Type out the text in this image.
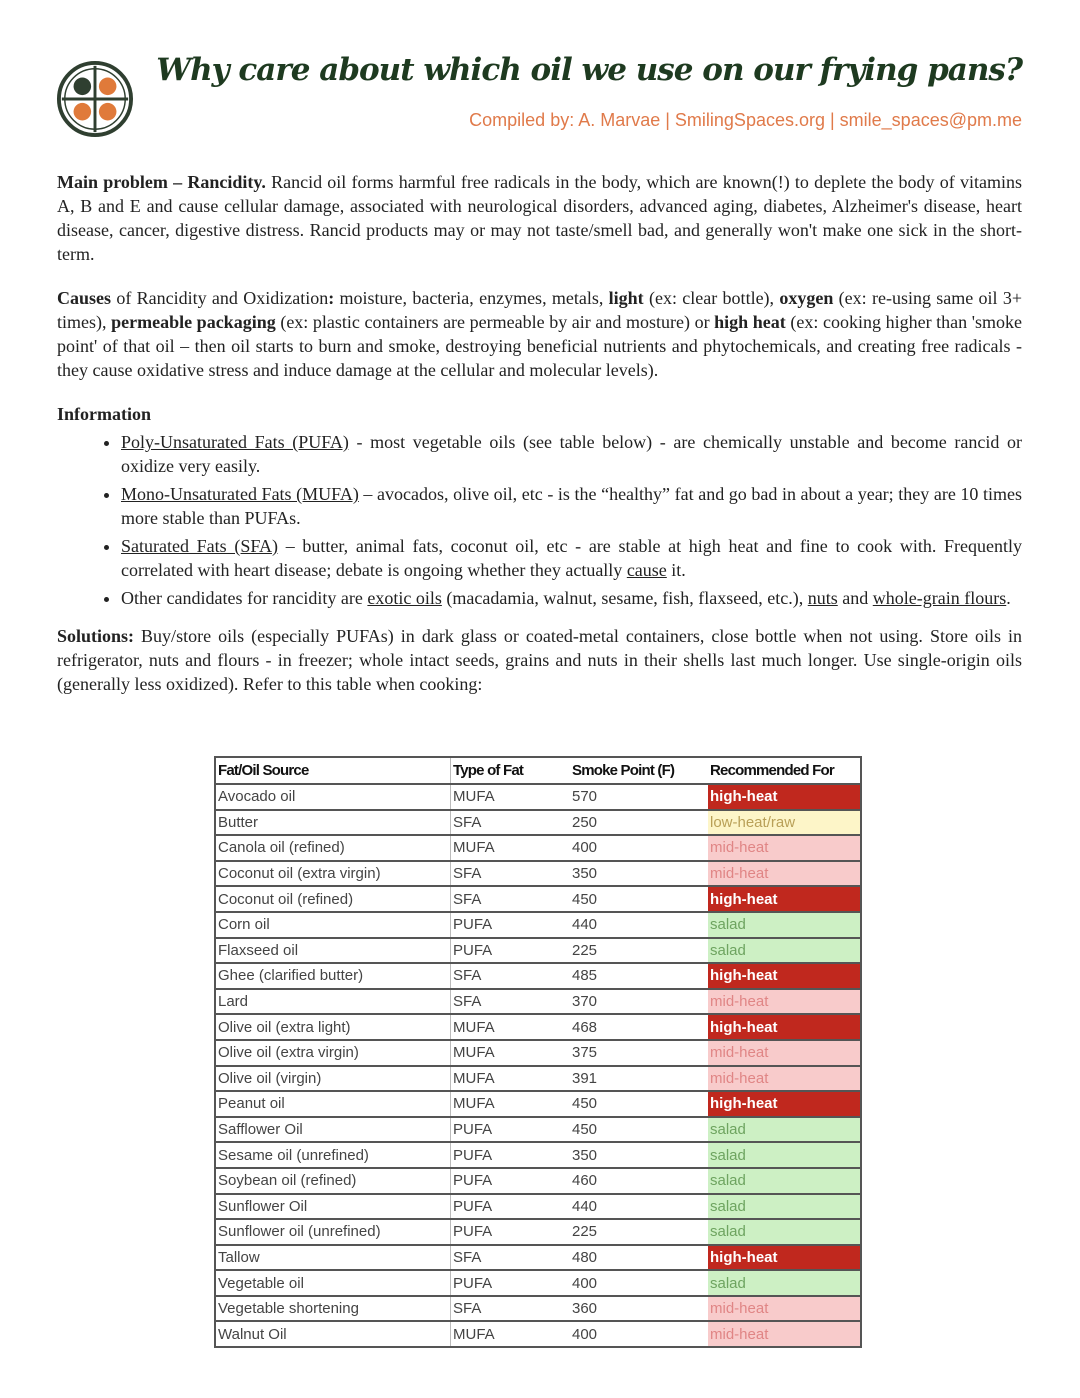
Why care about which oil we use on our frying pans?
Compiled by: A. Marvae | SmilingSpaces.org | smile_spaces@pm.me

Main problem – Rancidity. Rancid oil forms harmful free radicals in the body, which are known(!) to deplete the body of vitamins A, B and E and cause cellular damage, associated with neurological disorders, advanced aging, diabetes, Alzheimer's disease, heart disease, cancer, digestive distress. Rancid products may or may not taste/smell bad, and generally won't make one sick in the short-term.

Causes of Rancidity and Oxidization: moisture, bacteria, enzymes, metals, light (ex: clear bottle), oxygen (ex: re-using same oil 3+ times), permeable packaging (ex: plastic containers are permeable by air and mosture) or high heat (ex: cooking higher than 'smoke point' of that oil – then oil starts to burn and smoke, destroying beneficial nutrients and phytochemicals, and creating free radicals - they cause oxidative stress and induce damage at the cellular and molecular levels).

Information
• Poly-Unsaturated Fats (PUFA) - most vegetable oils (see table below) - are chemically unstable and become rancid or oxidize very easily.
• Mono-Unsaturated Fats (MUFA) – avocados, olive oil, etc - is the “healthy” fat and go bad in about a year; they are 10 times more stable than PUFAs.
• Saturated Fats (SFA) – butter, animal fats, coconut oil, etc - are stable at high heat and fine to cook with. Frequently correlated with heart disease; debate is ongoing whether they actually cause it.
• Other candidates for rancidity are exotic oils (macadamia, walnut, sesame, fish, flaxseed, etc.), nuts and whole-grain flours.

Solutions: Buy/store oils (especially PUFAs) in dark glass or coated-metal containers, close bottle when not using. Store oils in refrigerator, nuts and flours - in freezer; whole intact seeds, grains and nuts in their shells last much longer. Use single-origin oils (generally less oxidized). Refer to this table when cooking:

Fat/Oil Source	Type of Fat	Smoke Point (F)	Recommended For
Avocado oil	MUFA	570	high-heat
Butter	SFA	250	low-heat/raw
Canola oil (refined)	MUFA	400	mid-heat
Coconut oil (extra virgin)	SFA	350	mid-heat
Coconut oil (refined)	SFA	450	high-heat
Corn oil	PUFA	440	salad
Flaxseed oil	PUFA	225	salad
Ghee (clarified butter)	SFA	485	high-heat
Lard	SFA	370	mid-heat
Olive oil (extra light)	MUFA	468	high-heat
Olive oil (extra virgin)	MUFA	375	mid-heat
Olive oil (virgin)	MUFA	391	mid-heat
Peanut oil	MUFA	450	high-heat
Safflower Oil	PUFA	450	salad
Sesame oil (unrefined)	PUFA	350	salad
Soybean oil (refined)	PUFA	460	salad
Sunflower Oil	PUFA	440	salad
Sunflower oil (unrefined)	PUFA	225	salad
Tallow	SFA	480	high-heat
Vegetable oil	PUFA	400	salad
Vegetable shortening	SFA	360	mid-heat
Walnut Oil	MUFA	400	mid-heat
